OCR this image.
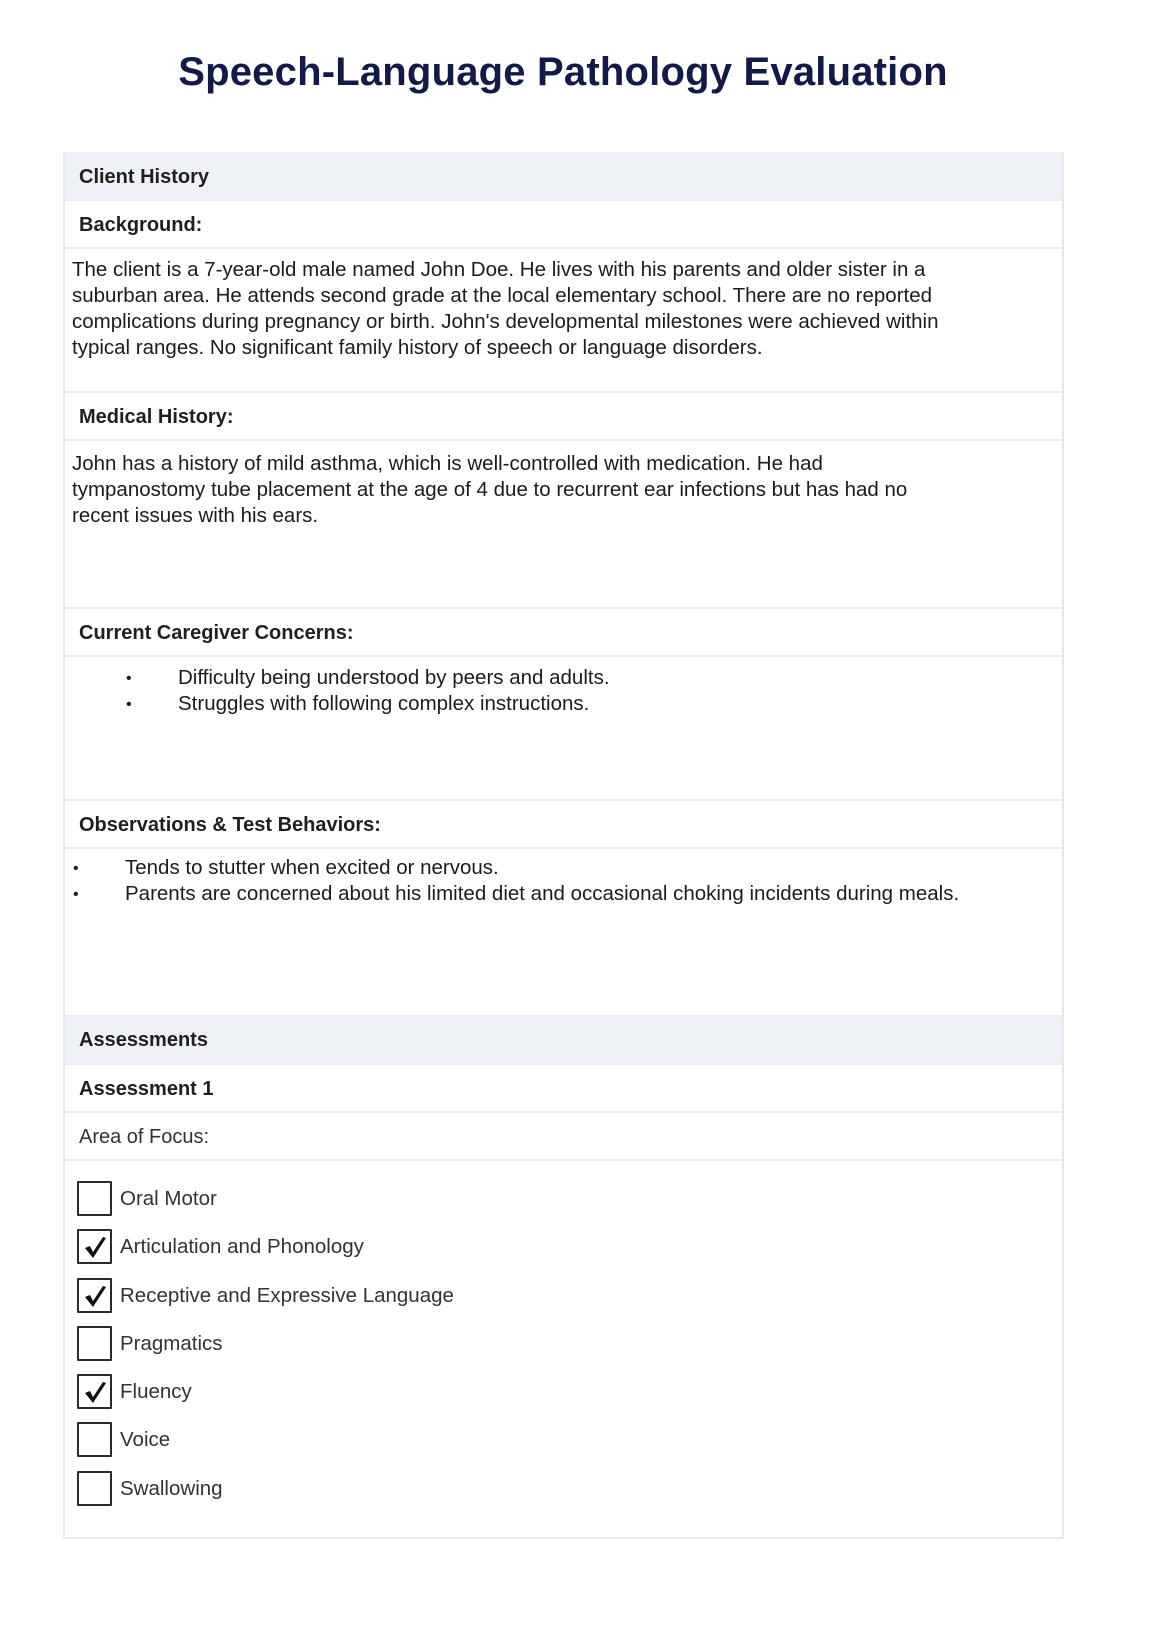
Speech-Language Pathology Evaluation
Client History
Background:
The client is a 7-year-old male named John Doe. He lives with his parents and older sister in a
suburban area. He attends second grade at the local elementary school. There are no reported
complications during pregnancy or birth. John's developmental milestones were achieved within
typical ranges. No significant family history of speech or language disorders.
Medical History:
John has a history of mild asthma, which is well-controlled with medication. He had
tympanostomy tube placement at the age of 4 due to recurrent ear infections but has had no
recent issues with his ears.
Current Caregiver Concerns:
• Difficulty being understood by peers and adults.
• Struggles with following complex instructions.
Observations & Test Behaviors:
• Tends to stutter when excited or nervous.
• Parents are concerned about his limited diet and occasional choking incidents during meals.
Assessments
Assessment 1
Area of Focus:
Oral Motor
Articulation and Phonology
Receptive and Expressive Language
Pragmatics
Fluency
Voice
Swallowing
